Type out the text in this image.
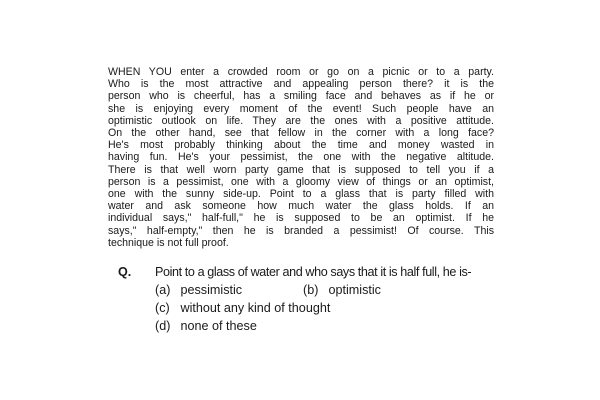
WHEN YOU enter a crowded room or go on a picnic or to a party.
Who is the most attractive and appealing person there? it is the
person who is cheerful, has a smiling face and behaves as if he or
she is enjoying every moment of the event! Such people have an
optimistic outlook on life. They are the ones with a positive attitude.
On the other hand, see that fellow in the corner with a long face?
He's most probably thinking about the time and money wasted in
having fun. He's your pessimist, the one with the negative altitude.
There is that well worn party game that is supposed to tell you if a
person is a pessimist, one with a gloomy view of things or an optimist,
one with the sunny side-up. Point to a glass that is party filled with
water and ask someone how much water the glass holds. If an
individual says," half-full," he is supposed to be an optimist. If he
says," half-empty," then he is branded a pessimist! Of course. This
technique is not full proof.
Q. Point to a glass of water and who says that it is half full, he is-
(a) pessimistic	(b) optimistic
(c) without any kind of thought
(d) none of these
